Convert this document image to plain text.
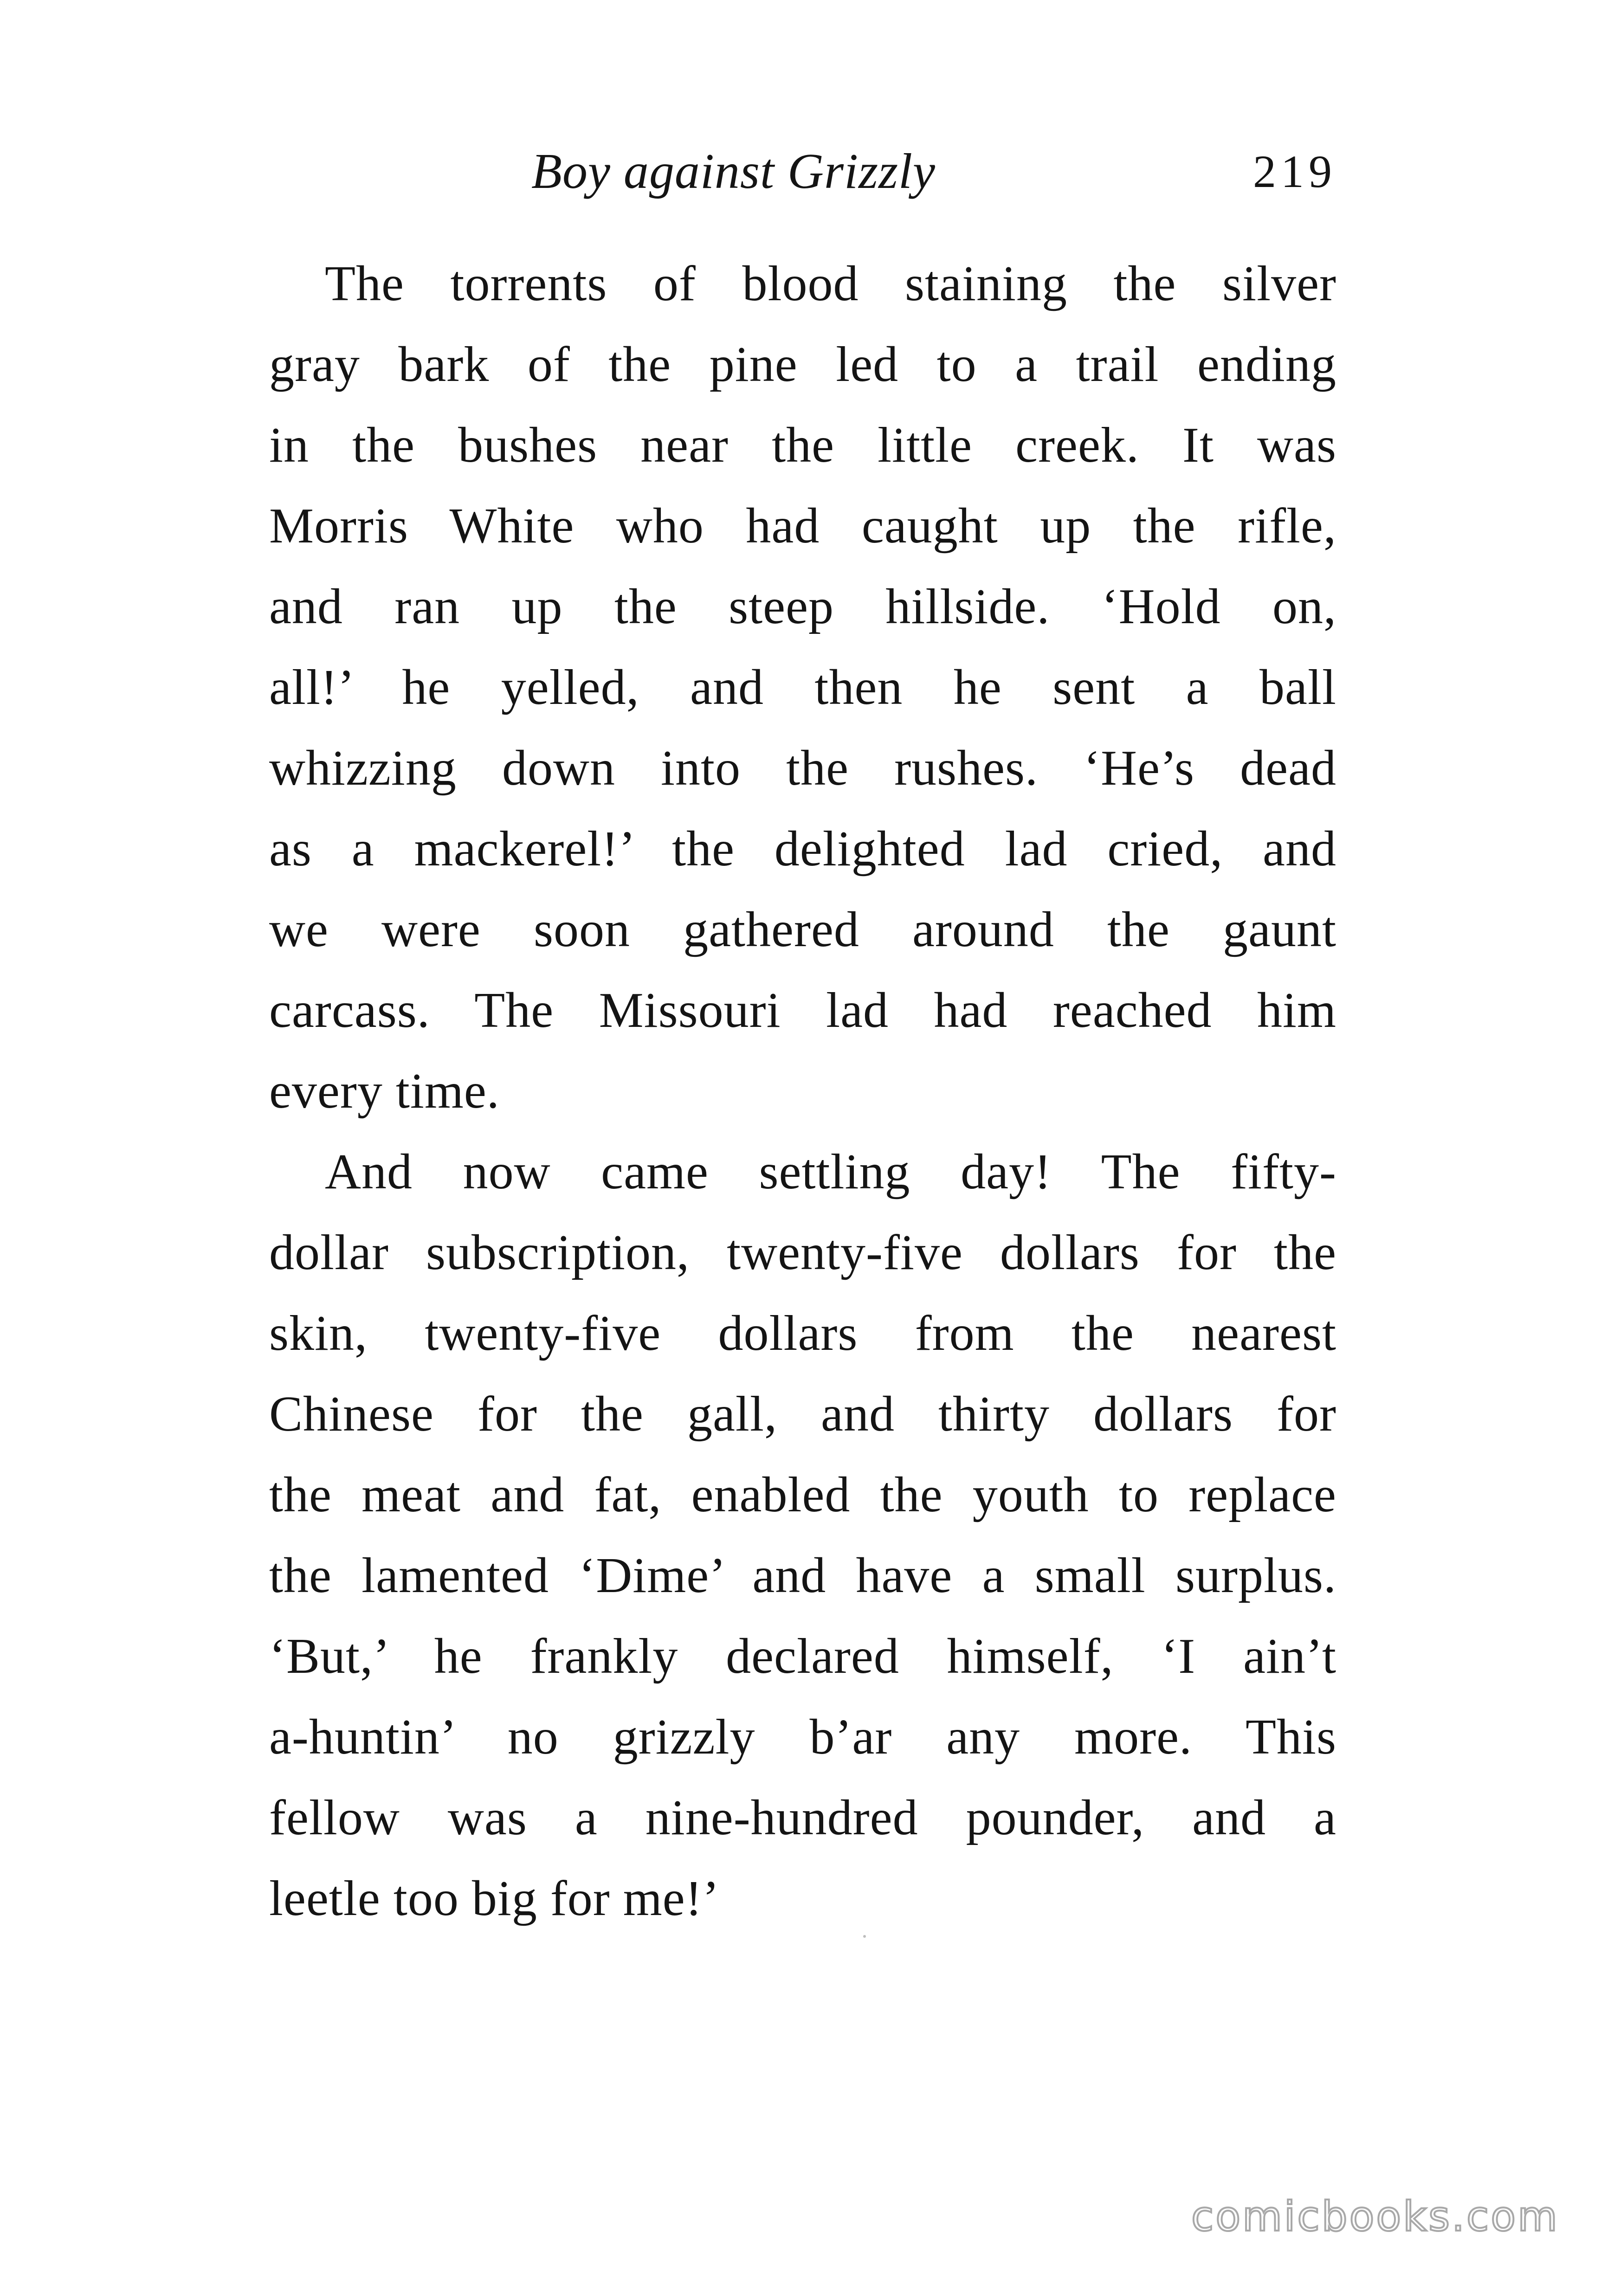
Boy against Grizzly	219
The torrents of blood staining the silver
gray bark of the pine led to a trail ending
in the bushes near the little creek. It was
Morris White who had caught up the rifle,
and ran up the steep hillside. ‘Hold on,
all!’ he yelled, and then he sent a ball
whizzing down into the rushes. ‘He’s dead
as a mackerel!’ the delighted lad cried, and
we were soon gathered around the gaunt
carcass. The Missouri lad had reached him
every time.
And now came settling day! The fifty-
dollar subscription, twenty-five dollars for the
skin, twenty-five dollars from the nearest
Chinese for the gall, and thirty dollars for
the meat and fat, enabled the youth to replace
the lamented ‘Dime’ and have a small surplus.
‘But,’ he frankly declared himself, ‘I ain’t
a-huntin’ no grizzly b’ar any more. This
fellow was a nine-hundred pounder, and a
leetle too big for me!’
comicbooks.com
